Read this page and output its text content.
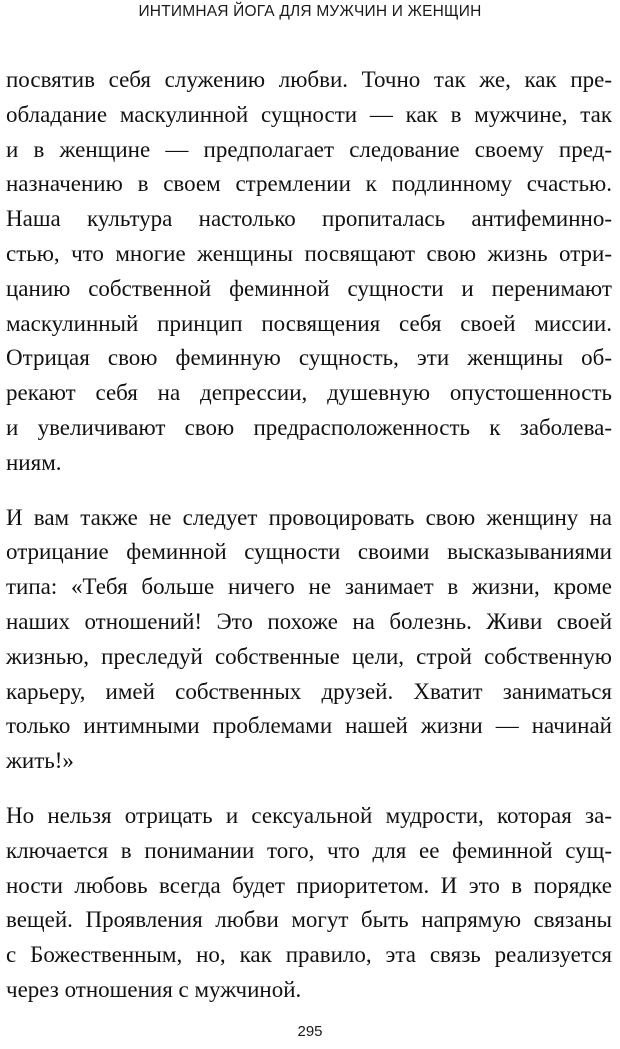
ИНТИМНАЯ ЙОГА ДЛЯ МУЖЧИН И ЖЕНЩИН
посвятив себя служению любви. Точно так же, как пре-
обладание маскулинной сущности — как в мужчине, так
и в женщине — предполагает следование своему пред-
назначению в своем стремлении к подлинному счастью.
Наша культура настолько пропиталась антифеминно-
стью, что многие женщины посвящают свою жизнь отри-
цанию собственной феминной сущности и перенимают
маскулинный принцип посвящения себя своей миссии.
Отрицая свою феминную сущность, эти женщины об-
рекают себя на депрессии, душевную опустошенность
и увеличивают свою предрасположенность к заболева-
ниям.
И вам также не следует провоцировать свою женщину на
отрицание феминной сущности своими высказываниями
типа: «Тебя больше ничего не занимает в жизни, кроме
наших отношений! Это похоже на болезнь. Живи своей
жизнью, преследуй собственные цели, строй собственную
карьеру, имей собственных друзей. Хватит заниматься
только интимными проблемами нашей жизни — начинай
жить!»
Но нельзя отрицать и сексуальной мудрости, которая за-
ключается в понимании того, что для ее феминной сущ-
ности любовь всегда будет приоритетом. И это в порядке
вещей. Проявления любви могут быть напрямую связаны
с Божественным, но, как правило, эта связь реализуется
через отношения с мужчиной.
295
